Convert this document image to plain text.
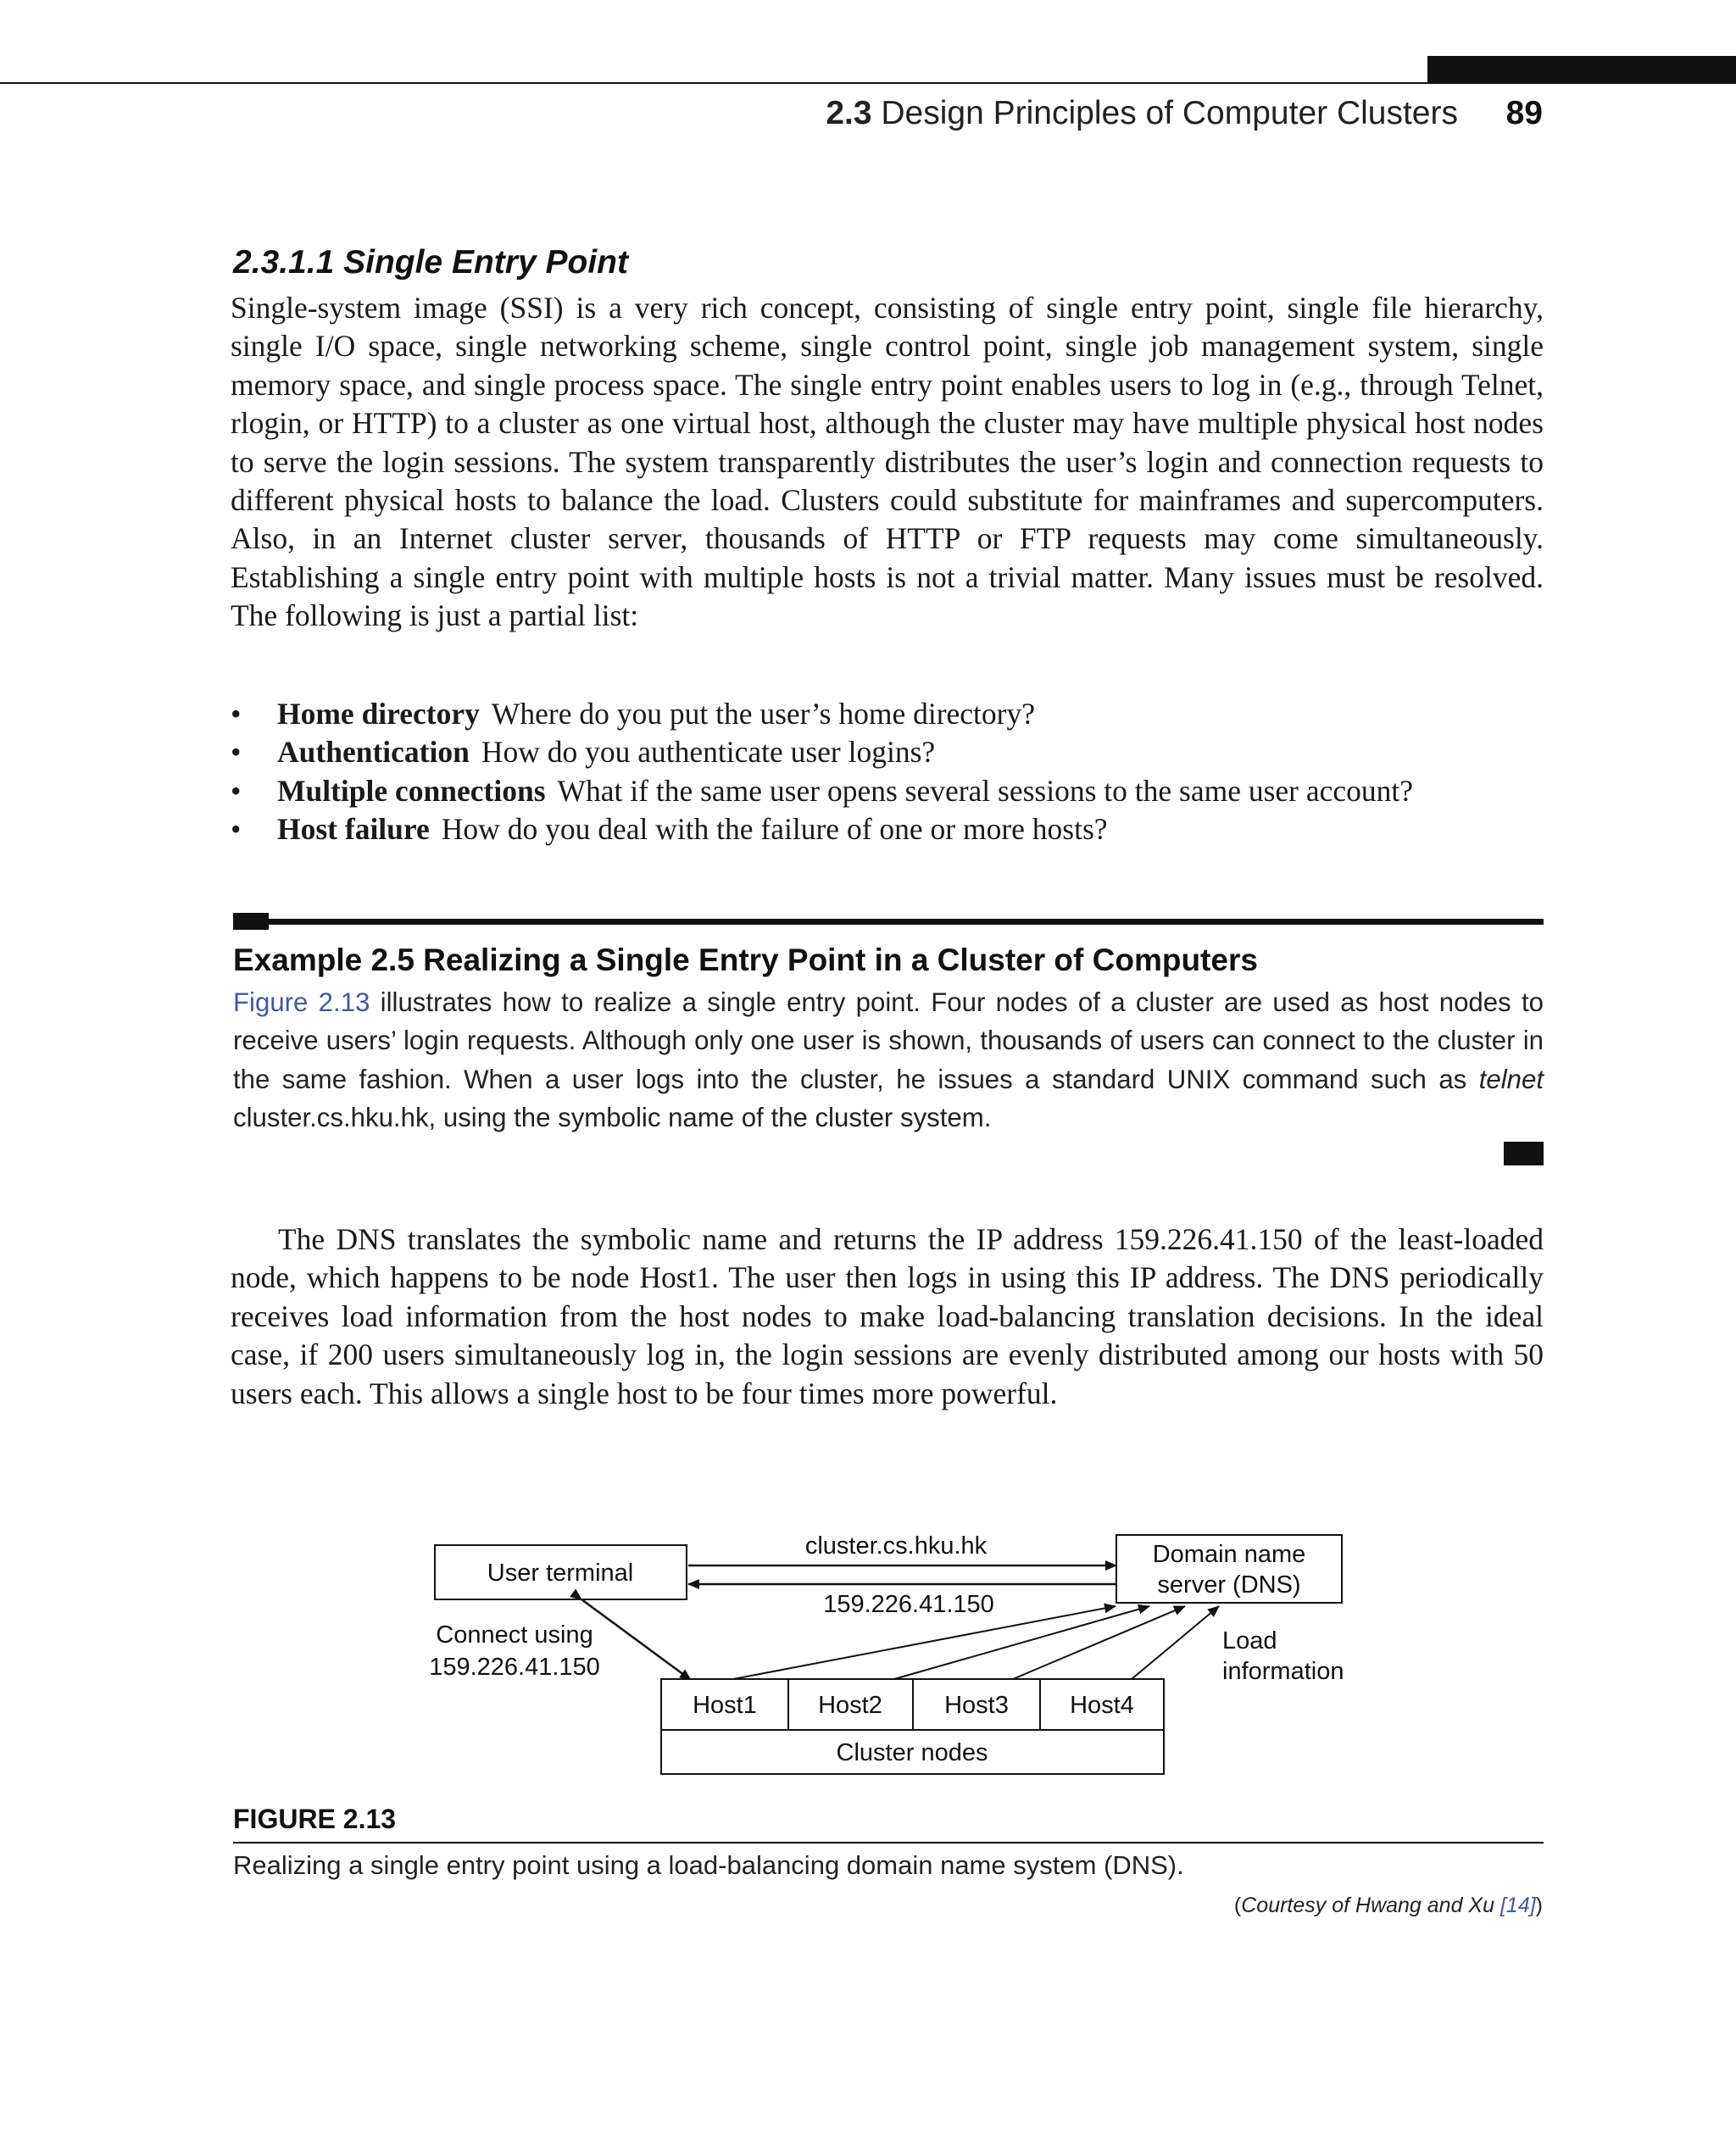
2.3 Design Principles of Computer Clusters	89
2.3.1.1 Single Entry Point
Single-system image (SSI) is a very rich concept, consisting of single entry point, single file hierarchy, single I/O space, single networking scheme, single control point, single job management system, single memory space, and single process space. The single entry point enables users to log in (e.g., through Telnet, rlogin, or HTTP) to a cluster as one virtual host, although the cluster may have multiple physical host nodes to serve the login sessions. The system transparently distributes the user’s login and connection requests to different physical hosts to balance the load. Clusters could substitute for mainframes and supercomputers. Also, in an Internet cluster server, thousands of HTTP or FTP requests may come simultaneously. Establishing a single entry point with multiple hosts is not a trivial matter. Many issues must be resolved. The following is just a partial list:
• Home directory Where do you put the user’s home directory?
• Authentication How do you authenticate user logins?
• Multiple connections What if the same user opens several sessions to the same user account?
• Host failure How do you deal with the failure of one or more hosts?
Example 2.5 Realizing a Single Entry Point in a Cluster of Computers
Figure 2.13 illustrates how to realize a single entry point. Four nodes of a cluster are used as host nodes to receive users’ login requests. Although only one user is shown, thousands of users can connect to the cluster in the same fashion. When a user logs into the cluster, he issues a standard UNIX command such as telnet cluster.cs.hku.hk, using the symbolic name of the cluster system.
The DNS translates the symbolic name and returns the IP address 159.226.41.150 of the least-loaded node, which happens to be node Host1. The user then logs in using this IP address. The DNS periodically receives load information from the host nodes to make load-balancing translation decisions. In the ideal case, if 200 users simultaneously log in, the login sessions are evenly distributed among our hosts with 50 users each. This allows a single host to be four times more powerful.
User terminal
Domain name
server (DNS)
cluster.cs.hku.hk
159.226.41.150
Connect using
159.226.41.150
Load
information
Host1 Host2	Host3 Host4
Cluster nodes
FIGURE 2.13
Realizing a single entry point using a load-balancing domain name system (DNS).
(Courtesy of Hwang and Xu [14])
